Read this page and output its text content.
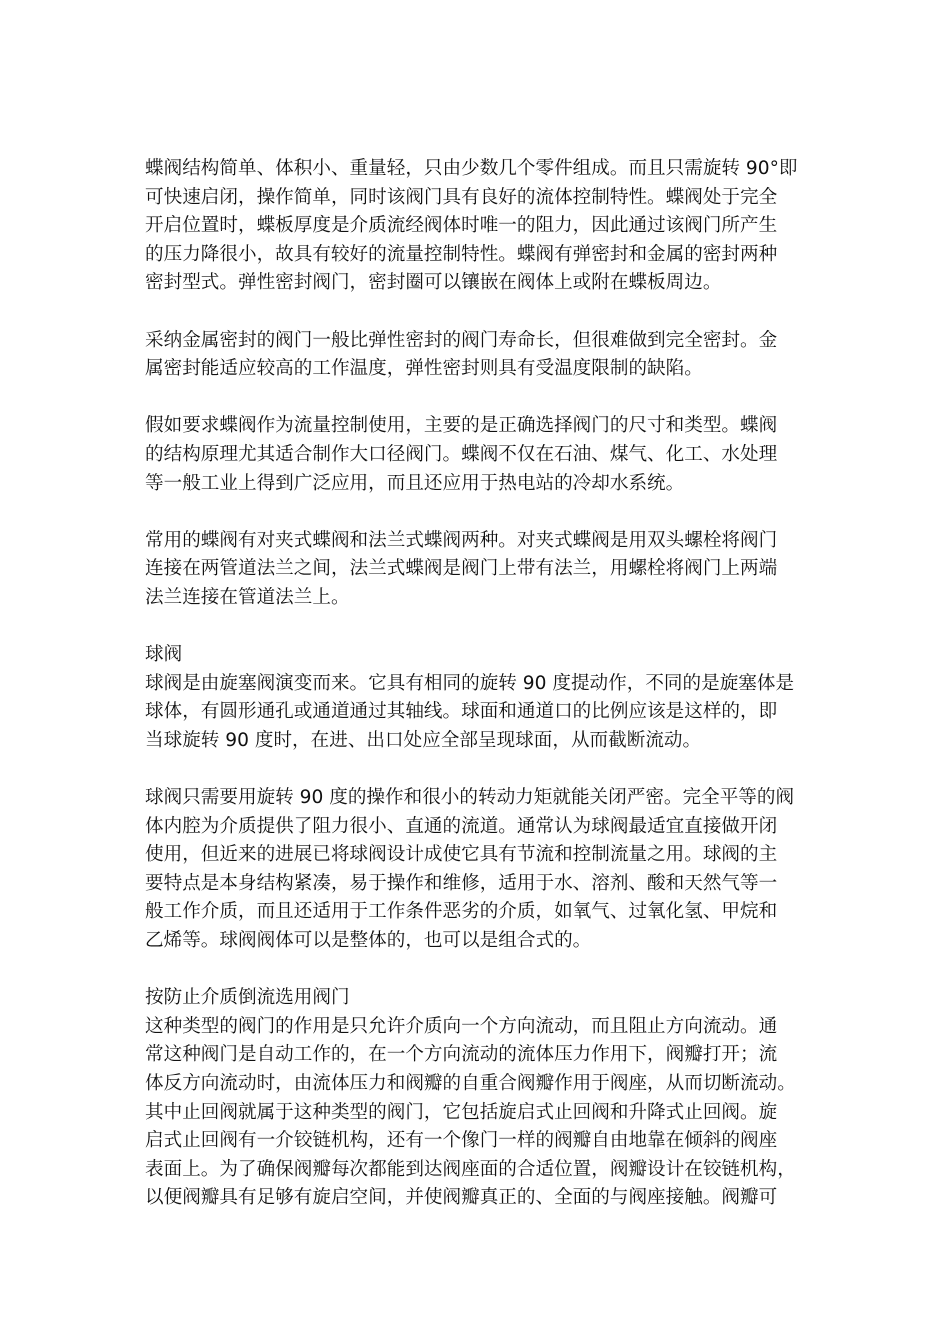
蝶阀结构简单、体积小、重量轻，只由少数几个零件组成。而且只需旋转 90°即
可快速启闭，操作简单，同时该阀门具有良好的流体控制特性。蝶阀处于完全
开启位置时，蝶板厚度是介质流经阀体时唯一的阻力，因此通过该阀门所产生
的压力降很小，故具有较好的流量控制特性。蝶阀有弹密封和金属的密封两种
密封型式。弹性密封阀门，密封圈可以镶嵌在阀体上或附在蝶板周边。
采纳金属密封的阀门一般比弹性密封的阀门寿命长，但很难做到完全密封。金
属密封能适应较高的工作温度，弹性密封则具有受温度限制的缺陷。
假如要求蝶阀作为流量控制使用，主要的是正确选择阀门的尺寸和类型。蝶阀
的结构原理尤其适合制作大口径阀门。蝶阀不仅在石油、煤气、化工、水处理
等一般工业上得到广泛应用，而且还应用于热电站的冷却水系统。
常用的蝶阀有对夹式蝶阀和法兰式蝶阀两种。对夹式蝶阀是用双头螺栓将阀门
连接在两管道法兰之间，法兰式蝶阀是阀门上带有法兰，用螺栓将阀门上两端
法兰连接在管道法兰上。
球阀
球阀是由旋塞阀演变而来。它具有相同的旋转 90 度提动作，不同的是旋塞体是
球体，有圆形通孔或通道通过其轴线。球面和通道口的比例应该是这样的，即
当球旋转 90 度时，在进、出口处应全部呈现球面，从而截断流动。
球阀只需要用旋转 90 度的操作和很小的转动力矩就能关闭严密。完全平等的阀
体内腔为介质提供了阻力很小、直通的流道。通常认为球阀最适宜直接做开闭
使用，但近来的进展已将球阀设计成使它具有节流和控制流量之用。球阀的主
要特点是本身结构紧凑，易于操作和维修，适用于水、溶剂、酸和天然气等一
般工作介质，而且还适用于工作条件恶劣的介质，如氧气、过氧化氢、甲烷和
乙烯等。球阀阀体可以是整体的，也可以是组合式的。
按防止介质倒流选用阀门
这种类型的阀门的作用是只允许介质向一个方向流动，而且阻止方向流动。通
常这种阀门是自动工作的，在一个方向流动的流体压力作用下，阀瓣打开；流
体反方向流动时，由流体压力和阀瓣的自重合阀瓣作用于阀座，从而切断流动。
其中止回阀就属于这种类型的阀门，它包括旋启式止回阀和升降式止回阀。旋
启式止回阀有一介铰链机构，还有一个像门一样的阀瓣自由地靠在倾斜的阀座
表面上。为了确保阀瓣每次都能到达阀座面的合适位置，阀瓣设计在铰链机构，
以便阀瓣具有足够有旋启空间，并使阀瓣真正的、全面的与阀座接触。阀瓣可
